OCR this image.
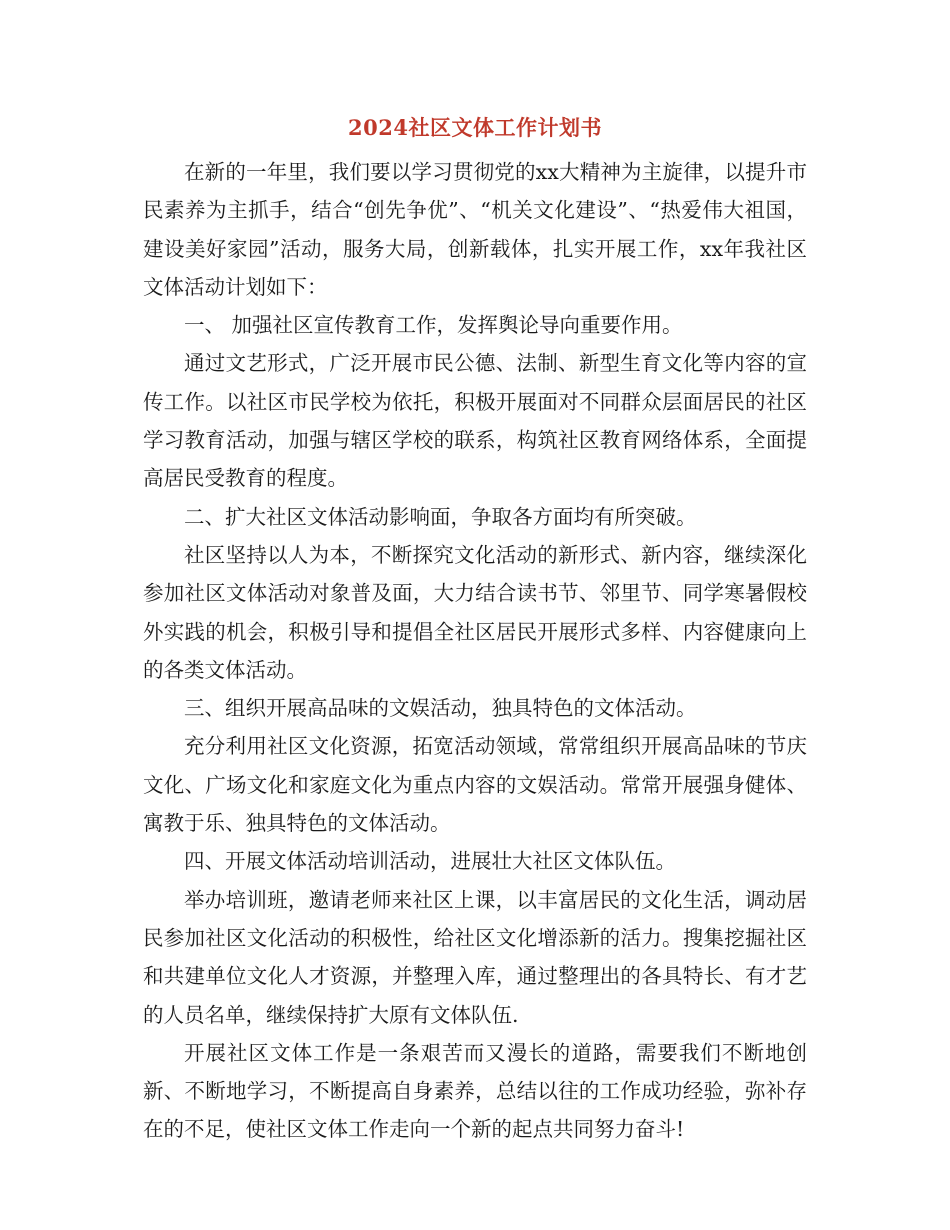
2024社区文体工作计划书

在新的一年里，我们要以学习贯彻党的xx大精神为主旋律，以提升市民素养为主抓手，结合“创先争优”、“机关文化建设”、“热爱伟大祖国，建设美好家园”活动，服务大局，创新载体，扎实开展工作，xx年我社区文体活动计划如下：

一、 加强社区宣传教育工作，发挥舆论导向重要作用。

通过文艺形式，广泛开展市民公德、法制、新型生育文化等内容的宣传工作。以社区市民学校为依托，积极开展面对不同群众层面居民的社区学习教育活动，加强与辖区学校的联系，构筑社区教育网络体系，全面提高居民受教育的程度。

二、扩大社区文体活动影响面，争取各方面均有所突破。

社区坚持以人为本，不断探究文化活动的新形式、新内容，继续深化参加社区文体活动对象普及面，大力结合读书节、邻里节、同学寒暑假校外实践的机会，积极引导和提倡全社区居民开展形式多样、内容健康向上的各类文体活动。

三、组织开展高品味的文娱活动，独具特色的文体活动。

充分利用社区文化资源，拓宽活动领域，常常组织开展高品味的节庆文化、广场文化和家庭文化为重点内容的文娱活动。常常开展强身健体、寓教于乐、独具特色的文体活动。

四、开展文体活动培训活动，进展壮大社区文体队伍。

举办培训班，邀请老师来社区上课，以丰富居民的文化生活，调动居民参加社区文化活动的积极性，给社区文化增添新的活力。搜集挖掘社区和共建单位文化人才资源，并整理入库，通过整理出的各具特长、有才艺的人员名单，继续保持扩大原有文体队伍.

开展社区文体工作是一条艰苦而又漫长的道路，需要我们不断地创新、不断地学习，不断提高自身素养，总结以往的工作成功经验，弥补存在的不足，使社区文体工作走向一个新的起点共同努力奋斗!
